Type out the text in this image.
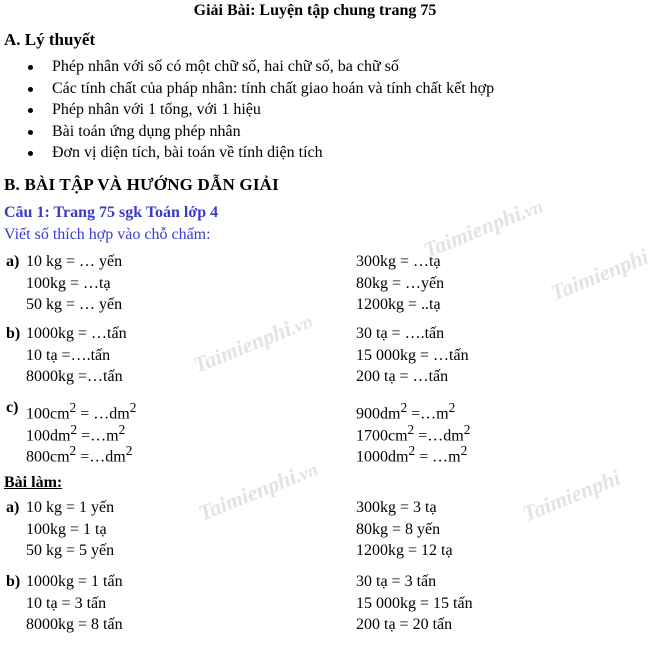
Giải Bài: Luyện tập chung trang 75
A. Lý thuyết
Phép nhân với số có một chữ số, hai chữ số, ba chữ số
Các tính chất của pháp nhân: tính chất giao hoán và tính chất kết hợp
Phép nhân với 1 tổng, với 1 hiệu
Bài toán ứng dụng phép nhân
Đơn vị diện tích, bài toán về tính diện tích
B. BÀI TẬP VÀ HƯỚNG DẪN GIẢI
Câu 1: Trang 75 sgk Toán lớp 4
Viết số thích hợp vào chỗ chấm:
a) 10 kg = … yến	300kg = …tạ
100kg = …tạ	80kg = …yến
50 kg = … yến	1200kg = ..tạ
b) 1000kg = …tấn	30 tạ = ….tấn
10 tạ =….tấn	15 000kg = …tấn
8000kg =…tấn	200 tạ = …tấn
c) $100cm^2$ = $\dots dm^2$	$900dm^2$ $=\dots m^2$
$100dm^2$ $=\dots m^2$	$1700cm^2$ $=\dots dm^2$
$800cm^2$ $=\dots dm^2$	$1000dm^2$ = $\dots m^2$
Bài làm:
a) 10 kg = 1 yến	300kg = 3 tạ
100kg = 1 tạ	80kg = 8 yến
50 kg = 5 yến	1200kg = 12 tạ
b) 1000kg = 1 tấn	30 tạ = 3 tấn
10 tạ = 3 tấn	15 000kg = 15 tấn
8000kg = 8 tấn	200 tạ = 20 tấn
Taimienphi.vn
Taimienphi
Taimienphi.vn
Taimienphi.vn	Taimienphi
